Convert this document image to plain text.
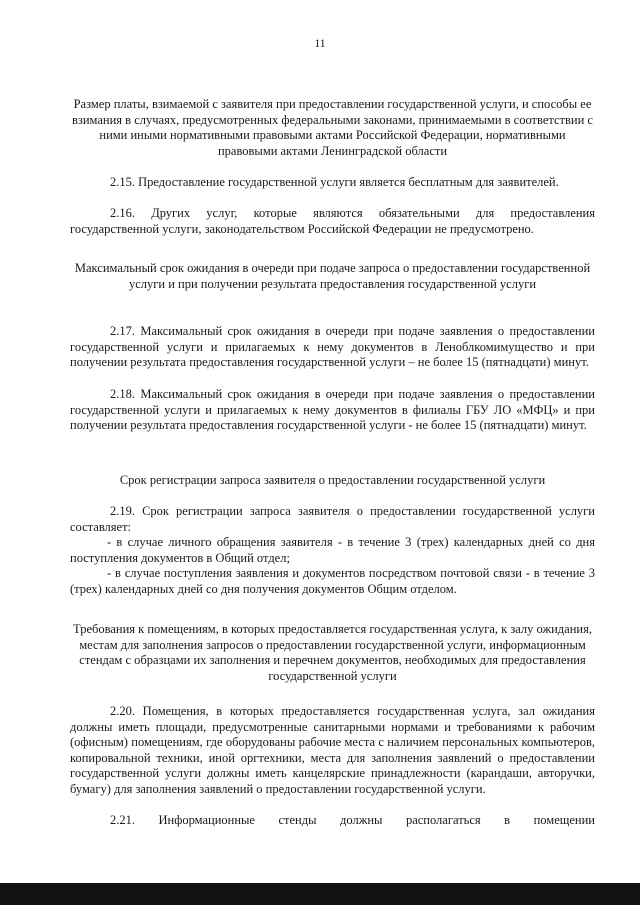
11

Размер платы, взимаемой с заявителя при предоставлении государственной услуги, и способы ее взимания в случаях, предусмотренных федеральными законами, принимаемыми в соответствии с ними иными нормативными правовыми актами Российской Федерации, нормативными правовыми актами Ленинградской области

2.15. Предоставление государственной услуги является бесплатным для заявителей.

2.16. Других услуг, которые являются обязательными для предоставления государственной услуги, законодательством Российской Федерации не предусмотрено.

Максимальный срок ожидания в очереди при подаче запроса о предоставлении государственной услуги и при получении результата предоставления государственной услуги

2.17. Максимальный срок ожидания в очереди при подаче заявления о предоставлении государственной услуги и прилагаемых к нему документов в Леноблкомимущество и при получении результата предоставления государственной услуги – не более 15 (пятнадцати) минут.

2.18. Максимальный срок ожидания в очереди при подаче заявления о предоставлении государственной услуги и прилагаемых к нему документов в филиалы ГБУ ЛО «МФЦ» и при получении результата предоставления государственной услуги - не более 15 (пятнадцати) минут.

Срок регистрации запроса заявителя о предоставлении государственной услуги

2.19. Срок регистрации запроса заявителя о предоставлении государственной услуги составляет:

- в случае личного обращения заявителя - в течение 3 (трех) календарных дней со дня поступления документов в Общий отдел;

- в случае поступления заявления и документов посредством почтовой связи - в течение 3 (трех) календарных дней со дня получения документов Общим отделом.

Требования к помещениям, в которых предоставляется государственная услуга, к залу ожидания, местам для заполнения запросов о предоставлении государственной услуги, информационным стендам с образцами их заполнения и перечнем документов, необходимых для предоставления государственной услуги

2.20. Помещения, в которых предоставляется государственная услуга, зал ожидания должны иметь площади, предусмотренные санитарными нормами и требованиями к рабочим (офисным) помещениям, где оборудованы рабочие места с наличием персональных компьютеров, копировальной техники, иной оргтехники, места для заполнения заявлений о предоставлении государственной услуги должны иметь канцелярские принадлежности (карандаши, авторучки, бумагу) для заполнения заявлений о предоставлении государственной услуги.

2.21. Информационные стенды должны располагаться в помещении
